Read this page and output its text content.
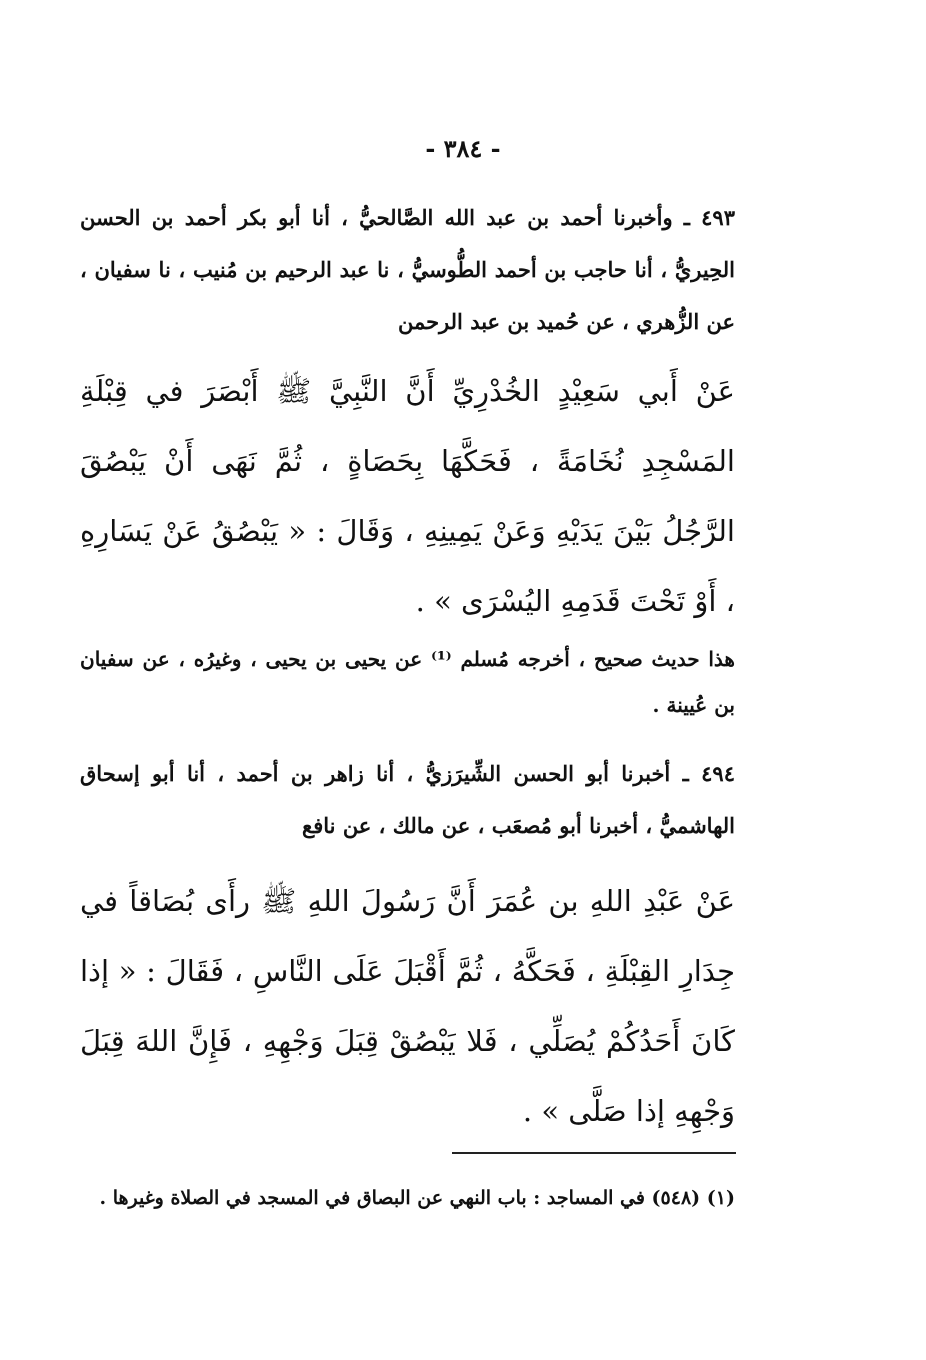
- ٣٨٤ -
٤٩٣ ـ وأخبرنا أحمد بن عبد الله الصَّالحيُّ ، أنا أبو بكر أحمد بن الحسن الحِيريُّ ، أنا حاجب بن أحمد الطُّوسيُّ ، نا عبد الرحيم بن مُنيب ، نا سفيان ، عن الزُّهري ، عن حُميد بن عبد الرحمن
عَنْ أَبي سَعِيْدٍ الخُدْرِيِّ أَنَّ النَّبِيَّ ﷺ أَبْصَرَ في قِبْلَةِ المَسْجِدِ نُخَامَةً ، فَحَكَّهَا بِحَصَاةٍ ، ثُمَّ نَهَى أَنْ يَبْصُقَ الرَّجُلُ بَيْنَ يَدَيْهِ وَعَنْ يَمِينِهِ ، وَقَالَ : « يَبْصُقُ عَنْ يَسَارِهِ ، أَوْ تَحْتَ قَدَمِهِ اليُسْرَى » .
هذا حديث صحيح ، أخرجه مُسلم ⁽¹⁾ عن يحيى بن يحيى ، وغيرُه ، عن سفيان بن عُيينة .
٤٩٤ ـ أخبرنا أبو الحسن الشِّيرَزيُّ ، أنا زاهر بن أحمد ، أنا أبو إسحاق الهاشميُّ ، أخبرنا أبو مُصعَب ، عن مالك ، عن نافع
عَنْ عَبْدِ اللهِ بن عُمَرَ أَنَّ رَسُولَ اللهِ ﷺ رأَى بُصَاقاً في جِدَارِ القِبْلَةِ ، فَحَكَّهُ ، ثُمَّ أَقْبَلَ عَلَى النَّاسِ ، فَقَالَ : « إذا كَانَ أَحَدُكُمْ يُصَلِّي ، فَلا يَبْصُقْ قِبَلَ وَجْهِهِ ، فَإِنَّ اللهَ قِبَلَ وَجْهِهِ إذا صَلَّى » .
(١) (٥٤٨) في المساجد : باب النهي عن البصاق في المسجد في الصلاة وغيرها .
